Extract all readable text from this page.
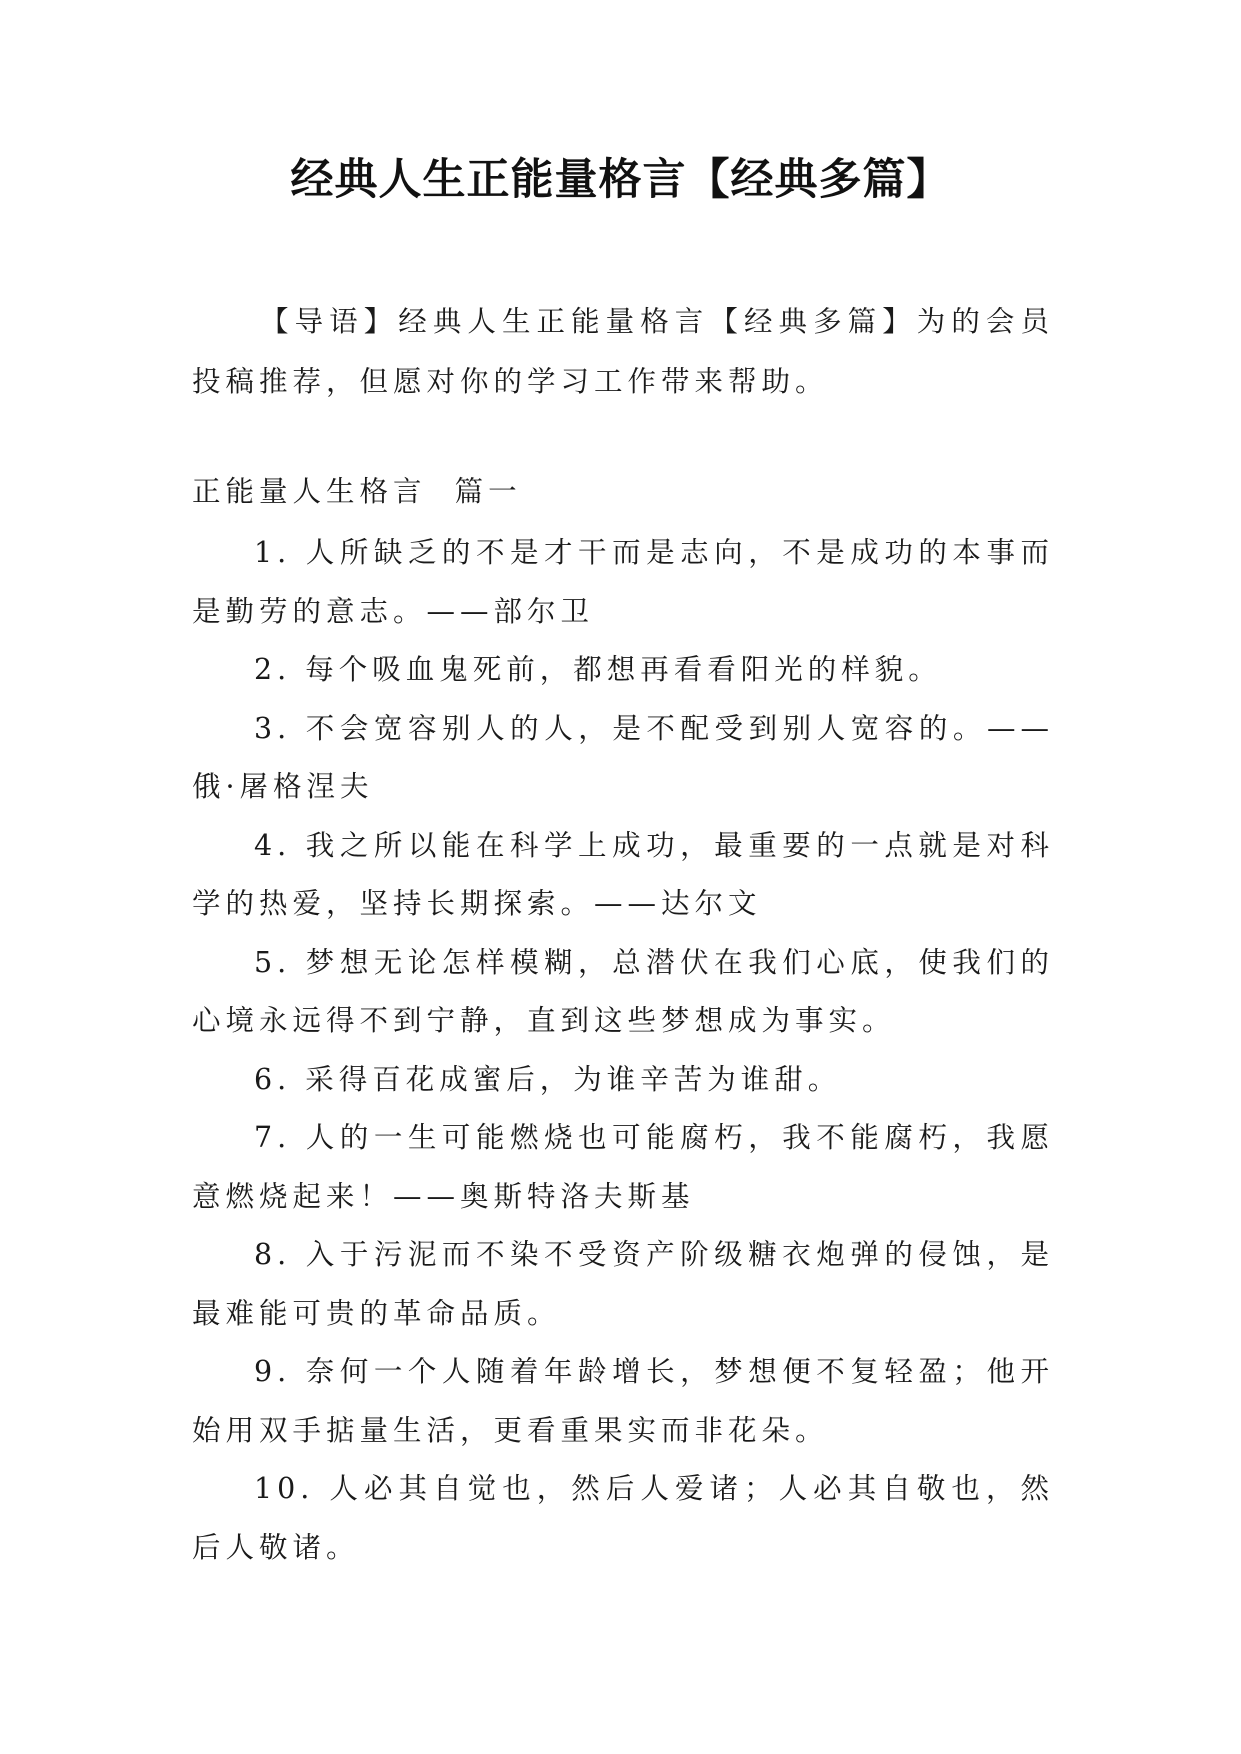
经典人生正能量格言【经典多篇】

【导语】经典人生正能量格言【经典多篇】为的会员投稿推荐，但愿对你的学习工作带来帮助。

正能量人生格言  篇一
1. 人所缺乏的不是才干而是志向，不是成功的本事而是勤劳的意志。——部尔卫
2. 每个吸血鬼死前，都想再看看阳光的样貌。
3. 不会宽容别人的人，是不配受到别人宽容的。——俄·屠格涅夫
4. 我之所以能在科学上成功，最重要的一点就是对科学的热爱，坚持长期探索。——达尔文
5. 梦想无论怎样模糊，总潜伏在我们心底，使我们的心境永远得不到宁静，直到这些梦想成为事实。
6. 采得百花成蜜后，为谁辛苦为谁甜。
7. 人的一生可能燃烧也可能腐朽，我不能腐朽，我愿意燃烧起来！——奥斯特洛夫斯基
8. 入于污泥而不染不受资产阶级糖衣炮弹的侵蚀，是最难能可贵的革命品质。
9. 奈何一个人随着年龄增长，梦想便不复轻盈；他开始用双手掂量生活，更看重果实而非花朵。
10. 人必其自觉也，然后人爱诸；人必其自敬也，然后人敬诸。
